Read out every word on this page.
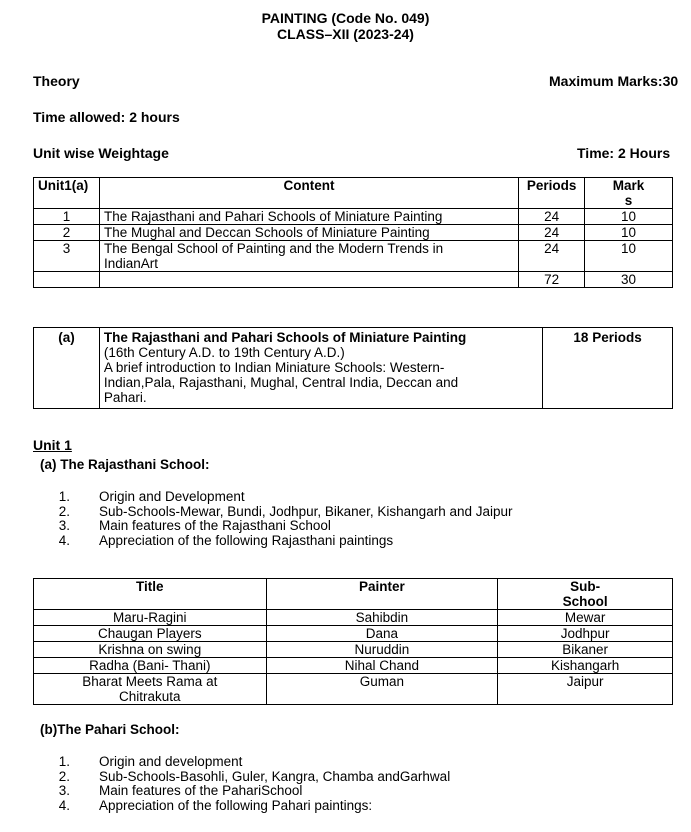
PAINTING (Code No. 049)
CLASS–XII (2023-24)
Theory	Maximum Marks:30
Time allowed: 2 hours
Unit wise Weightage	Time: 2 Hours
Unit1(a)	Content	Periods	Mark
s
1	The Rajasthani and Pahari Schools of Miniature Painting	24	10
2	The Mughal and Deccan Schools of Miniature Painting	24	10
3	The Bengal School of Painting and the Modern Trends in
IndianArt	24	10
		72	30
(a)	The Rajasthani and Pahari Schools of Miniature Painting
(16th Century A.D. to 19th Century A.D.)
A brief introduction to Indian Miniature Schools: Western-
Indian,Pala, Rajasthani, Mughal, Central India, Deccan and
Pahari.	18 Periods
Unit 1
(a) The Rajasthani School:
1. Origin and Development
2. Sub-Schools-Mewar, Bundi, Jodhpur, Bikaner, Kishangarh and Jaipur
3. Main features of the Rajasthani School
4. Appreciation of the following Rajasthani paintings
Title	Painter	Sub-
School
Maru-Ragini	Sahibdin	Mewar
Chaugan Players	Dana	Jodhpur
Krishna on swing	Nuruddin	Bikaner
Radha (Bani- Thani)	Nihal Chand	Kishangarh
Bharat Meets Rama at
Chitrakuta	Guman	Jaipur
(b)The Pahari School:
1. Origin and development
2. Sub-Schools-Basohli, Guler, Kangra, Chamba andGarhwal
3. Main features of the PahariSchool
4. Appreciation of the following Pahari paintings:
